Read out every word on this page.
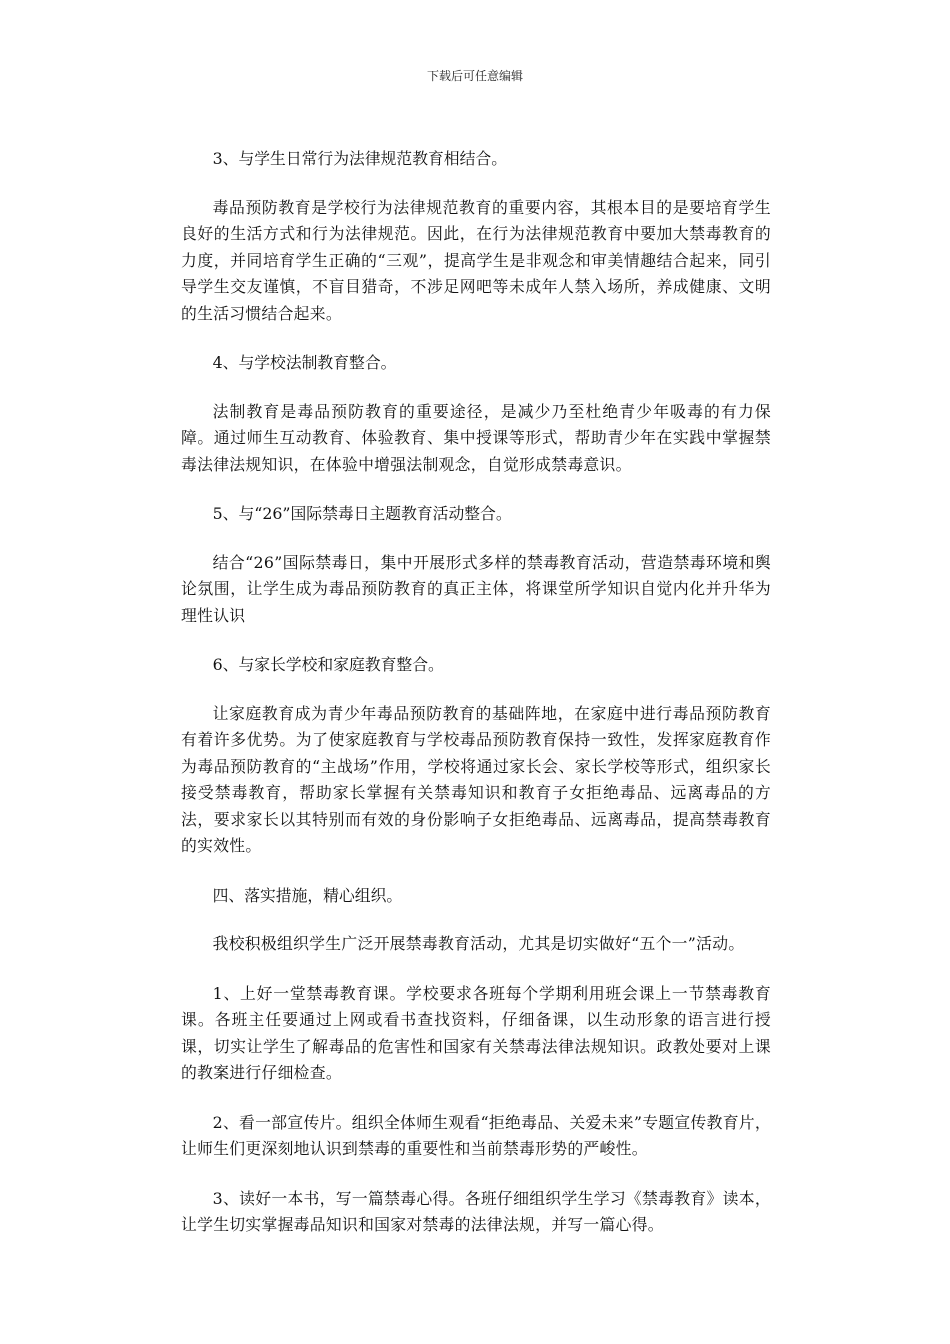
下载后可任意编辑

3、与学生日常行为法律规范教育相结合。

毒品预防教育是学校行为法律规范教育的重要内容，其根本目的是要培育学生良好的生活方式和行为法律规范。因此，在行为法律规范教育中要加大禁毒教育的力度，并同培育学生正确的“三观”，提高学生是非观念和审美情趣结合起来，同引导学生交友谨慎，不盲目猎奇，不涉足网吧等未成年人禁入场所，养成健康、文明的生活习惯结合起来。

4、与学校法制教育整合。

法制教育是毒品预防教育的重要途径，是减少乃至杜绝青少年吸毒的有力保障。通过师生互动教育、体验教育、集中授课等形式，帮助青少年在实践中掌握禁毒法律法规知识，在体验中增强法制观念，自觉形成禁毒意识。

5、与“26”国际禁毒日主题教育活动整合。

结合“26”国际禁毒日，集中开展形式多样的禁毒教育活动，营造禁毒环境和舆论氛围，让学生成为毒品预防教育的真正主体，将课堂所学知识自觉内化并升华为理性认识

6、与家长学校和家庭教育整合。

让家庭教育成为青少年毒品预防教育的基础阵地，在家庭中进行毒品预防教育有着许多优势。为了使家庭教育与学校毒品预防教育保持一致性，发挥家庭教育作为毒品预防教育的“主战场”作用，学校将通过家长会、家长学校等形式，组织家长接受禁毒教育，帮助家长掌握有关禁毒知识和教育子女拒绝毒品、远离毒品的方法，要求家长以其特别而有效的身份影响子女拒绝毒品、远离毒品，提高禁毒教育的实效性。

四、落实措施，精心组织。

我校积极组织学生广泛开展禁毒教育活动，尤其是切实做好“五个一”活动。

1、上好一堂禁毒教育课。学校要求各班每个学期利用班会课上一节禁毒教育课。各班主任要通过上网或看书查找资料，仔细备课，以生动形象的语言进行授课，切实让学生了解毒品的危害性和国家有关禁毒法律法规知识。政教处要对上课的教案进行仔细检查。

2、看一部宣传片。组织全体师生观看“拒绝毒品、关爱未来”专题宣传教育片，让师生们更深刻地认识到禁毒的重要性和当前禁毒形势的严峻性。

3、读好一本书，写一篇禁毒心得。各班仔细组织学生学习《禁毒教育》读本，让学生切实掌握毒品知识和国家对禁毒的法律法规，并写一篇心得。
